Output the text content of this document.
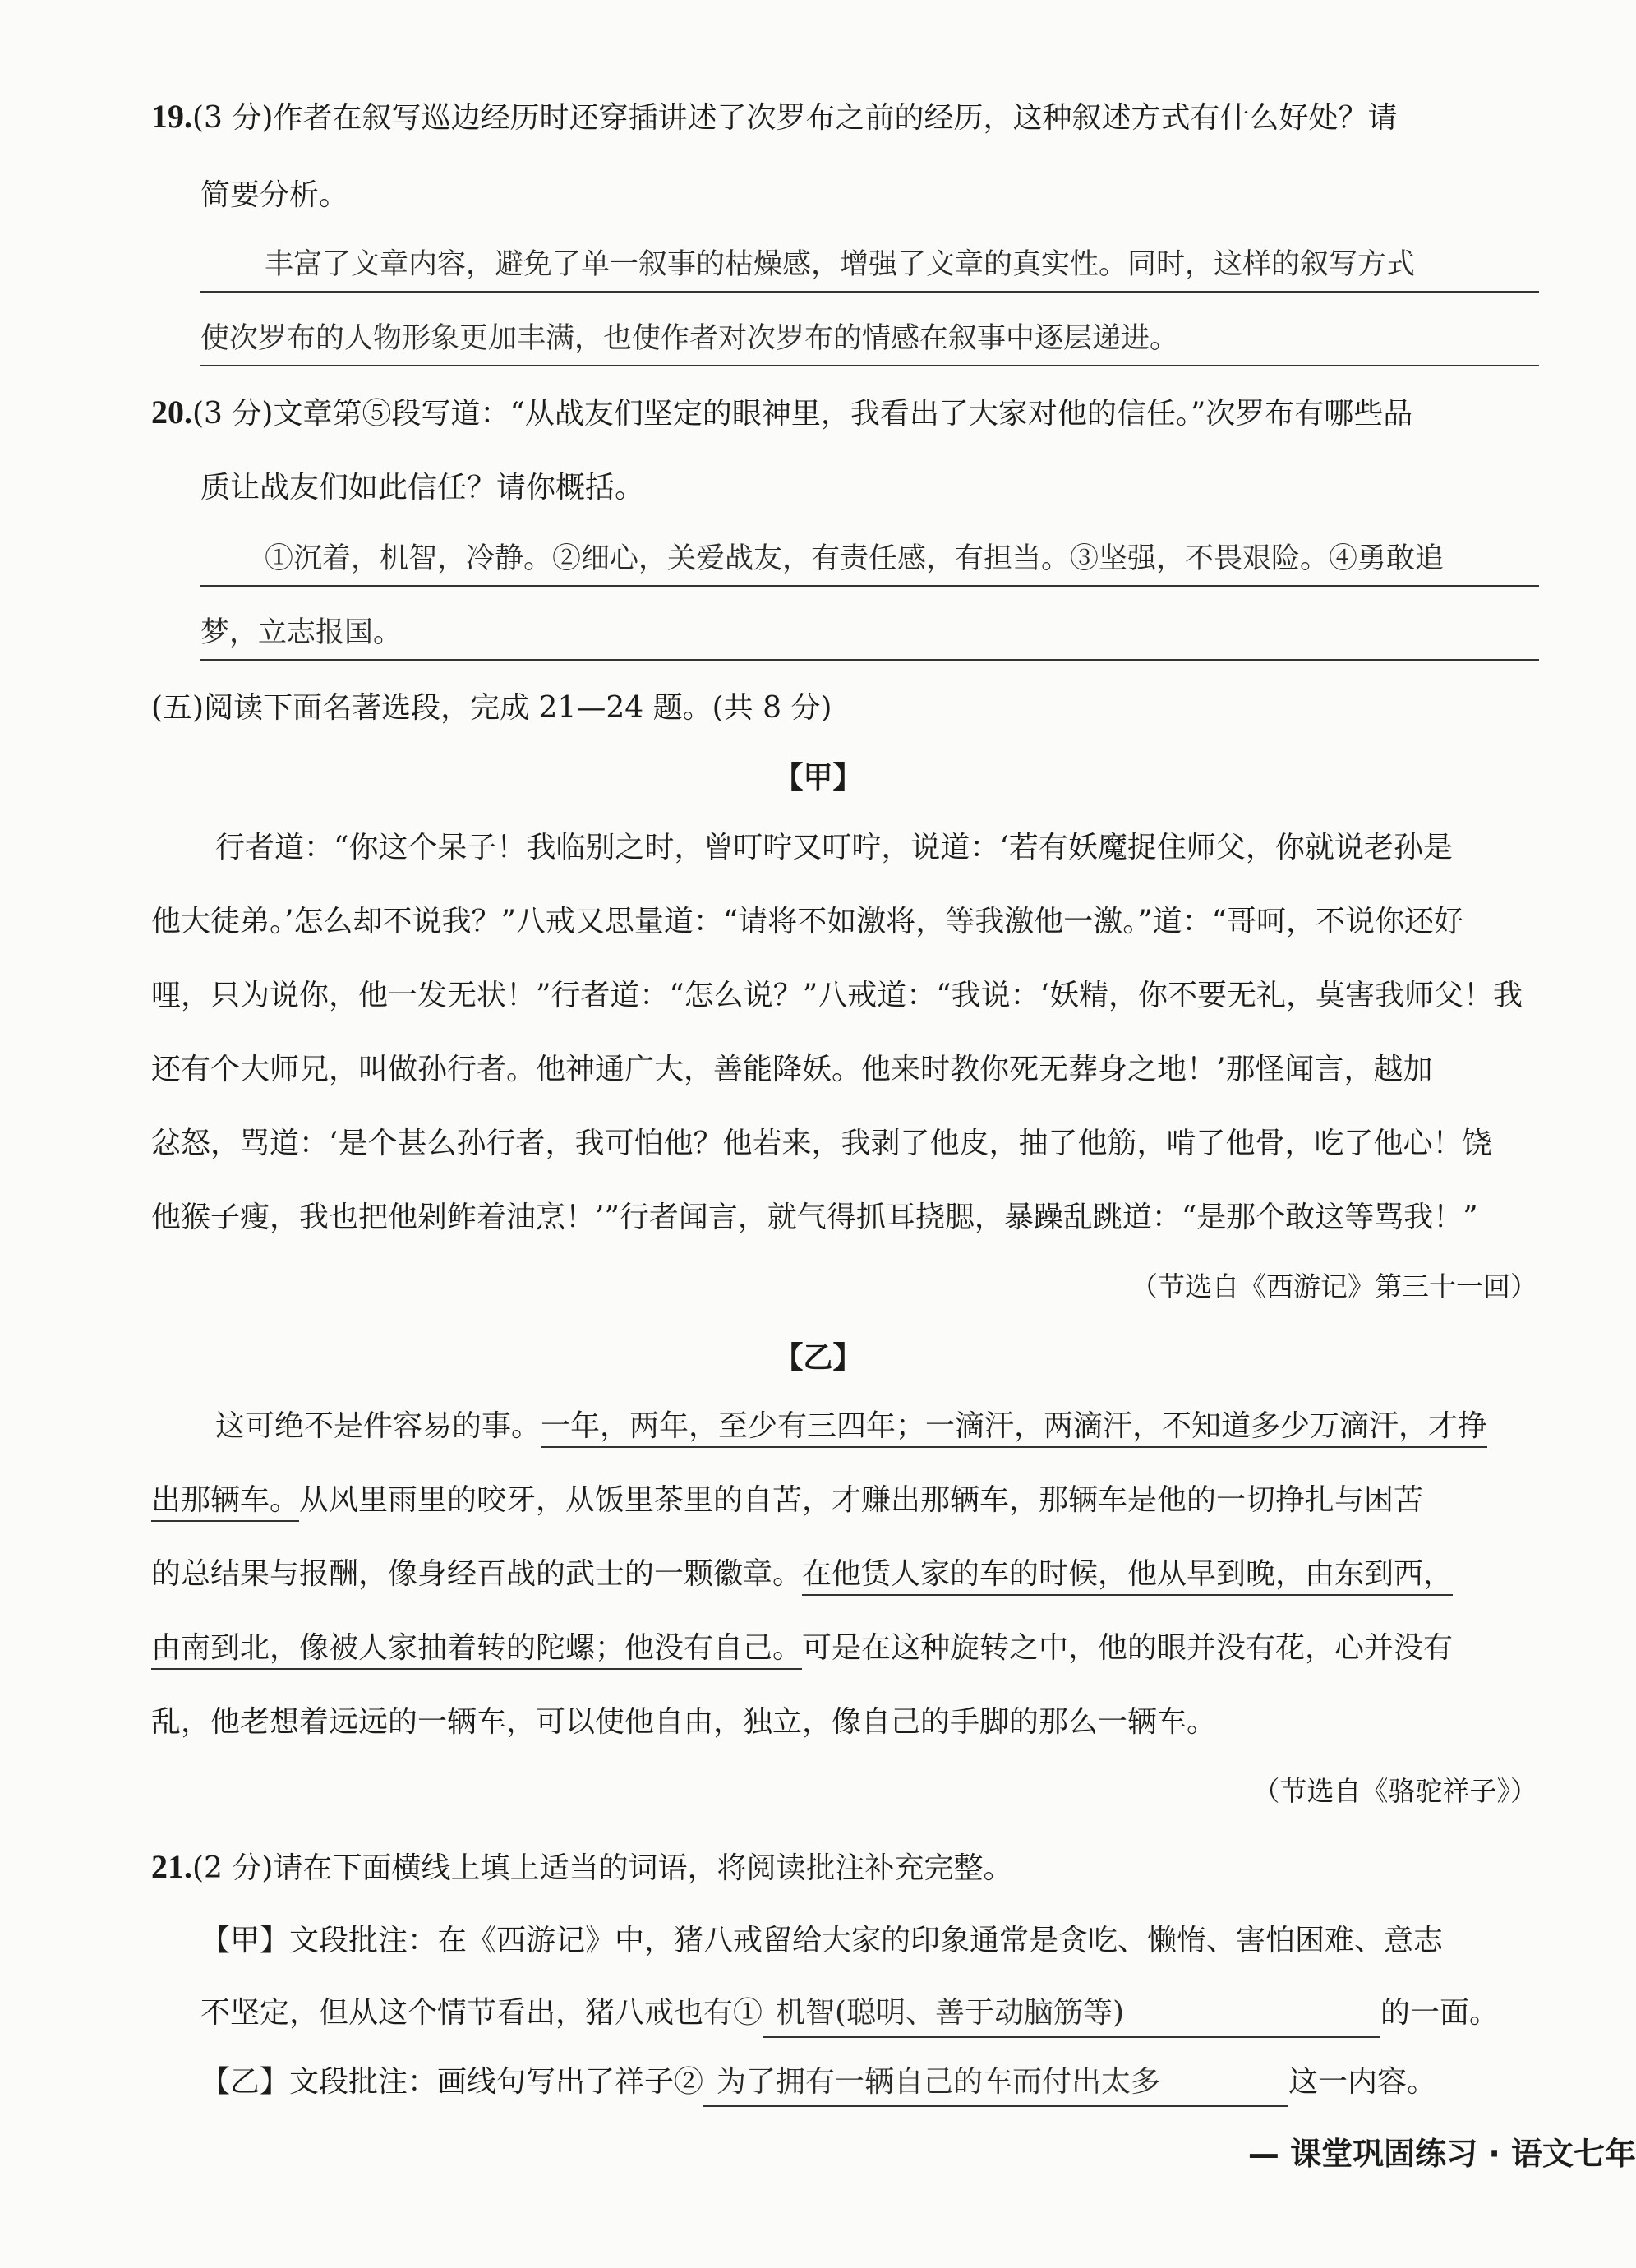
19.(3 分)作者在叙写巡边经历时还穿插讲述了次罗布之前的经历，这种叙述方式有什么好处？请
简要分析。
丰富了文章内容，避免了单一叙事的枯燥感，增强了文章的真实性。同时，这样的叙写方式
使次罗布的人物形象更加丰满，也使作者对次罗布的情感在叙事中逐层递进。
20.(3 分)文章第⑤段写道：“从战友们坚定的眼神里，我看出了大家对他的信任。”次罗布有哪些品
质让战友们如此信任？请你概括。
①沉着，机智，冷静。②细心，关爱战友，有责任感，有担当。③坚强，不畏艰险。④勇敢追
梦，立志报国。
(五)阅读下面名著选段，完成 21—24 题。(共 8 分)
【甲】
行者道：“你这个呆子！我临别之时，曾叮咛又叮咛，说道：‘若有妖魔捉住师父，你就说老孙是
他大徒弟。’怎么却不说我？”八戒又思量道：“请将不如激将，等我激他一激。”道：“哥呵，不说你还好
哩，只为说你，他一发无状！”行者道：“怎么说？”八戒道：“我说：‘妖精，你不要无礼，莫害我师父！我
还有个大师兄，叫做孙行者。他神通广大，善能降妖。他来时教你死无葬身之地！’那怪闻言，越加
忿怒，骂道：‘是个甚么孙行者，我可怕他？他若来，我剥了他皮，抽了他筋，啃了他骨，吃了他心！饶
他猴子瘦，我也把他剁鲊着油烹！’”行者闻言，就气得抓耳挠腮，暴躁乱跳道：“是那个敢这等骂我！”
（节选自《西游记》第三十一回）
【乙】
这可绝不是件容易的事。一年，两年，至少有三四年；一滴汗，两滴汗，不知道多少万滴汗，才挣
出那辆车。从风里雨里的咬牙，从饭里茶里的自苦，才赚出那辆车，那辆车是他的一切挣扎与困苦
的总结果与报酬，像身经百战的武士的一颗徽章。在他赁人家的车的时候，他从早到晚，由东到西，
由南到北，像被人家抽着转的陀螺；他没有自己。可是在这种旋转之中，他的眼并没有花，心并没有
乱，他老想着远远的一辆车，可以使他自由，独立，像自己的手脚的那么一辆车。
（节选自《骆驼祥子》）
21.(2 分)请在下面横线上填上适当的词语，将阅读批注补充完整。
【甲】文段批注：在《西游记》中，猪八戒留给大家的印象通常是贪吃、懒惰、害怕困难、意志
不坚定，但从这个情节看出，猪八戒也有① 机智(聪明、善于动脑筋等)	的一面。
【乙】文段批注：画线句写出了祥子② 为了拥有一辆自己的车而付出太多	这一内容。
— 课堂巩固练习 · 语文七年
